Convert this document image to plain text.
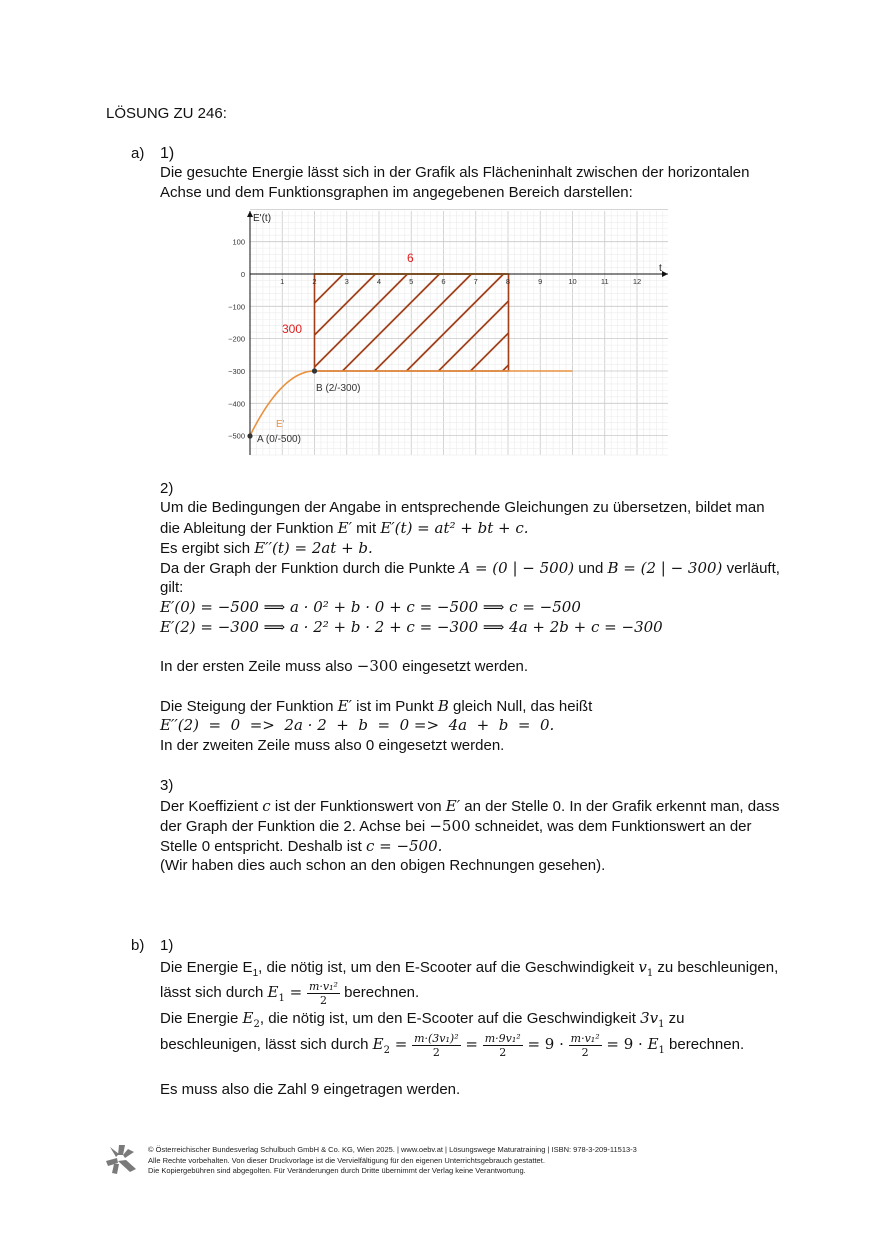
LÖSUNG ZU 246:
a) 1)
Die gesuchte Energie lässt sich in der Grafik als Flächeninhalt zwischen der horizontalen
Achse und dem Funktionsgraphen im angegebenen Bereich darstellen:
E'(t)
t
100
0
−100
−200
−300
−400
−500
1	2	3	4	5	6	7	8	9	10	11	12
6
300
E'
A (0/-500)
B (2/-300)
2)
Um die Bedingungen der Angabe in entsprechende Gleichungen zu übersetzen, bildet man
die Ableitung der Funktion E′ mit E′(t) = at² + bt + c.
Es ergibt sich E′′(t) = 2at + b.
Da der Graph der Funktion durch die Punkte A = (0 | − 500) und B = (2 | − 300) verläuft,
gilt:
E′(0) = −500 ⟹ a · 0² + b · 0 + c = −500 ⟹ c = −500
E′(2) = −300 ⟹ a · 2² + b · 2 + c = −300 ⟹ 4a + 2b + c = −300
In der ersten Zeile muss also −300 eingesetzt werden.
Die Steigung der Funktion E′ ist im Punkt B gleich Null, das heißt
E′′(2)  =  0  =>  2a · 2  +  b  =  0 =>  4a  +  b  =  0.
In der zweiten Zeile muss also 0 eingesetzt werden.
3)
Der Koeffizient c ist der Funktionswert von E′ an der Stelle 0. In der Grafik erkennt man, dass
der Graph der Funktion die 2. Achse bei −500 schneidet, was dem Funktionswert an der
Stelle 0 entspricht. Deshalb ist c = −500.
(Wir haben dies auch schon an den obigen Rechnungen gesehen).
b) 1)
Die Energie $E_1$, die nötig ist, um den E-Scooter auf die Geschwindigkeit $v_1$ zu beschleunigen,
lässt sich durch $E_1 = \frac{\text{m·v₁²}}{2}$ berechnen.
Die Energie $E_2$, die nötig ist, um den E-Scooter auf die Geschwindigkeit $3v_1$ zu
beschleunigen, lässt sich durch $E_2 = \frac{\text{m·(3v₁)²}}{2} = \frac{\text{m·9v₁²}}{2} = 9 \cdot \frac{\text{m·v₁²}}{2} = 9 \cdot E_1$ berechnen.
Es muss also die Zahl 9 eingetragen werden.
© Österreichischer Bundesverlag Schulbuch GmbH & Co. KG, Wien 2025. | www.oebv.at | Lösungswege Maturatraining | ISBN: 978-3-209-11513-3
Alle Rechte vorbehalten. Von dieser Druckvorlage ist die Vervielfältigung für den eigenen Unterrichtsgebrauch gestattet.
Die Kopiergebühren sind abgegolten. Für Veränderungen durch Dritte übernimmt der Verlag keine Verantwortung.
